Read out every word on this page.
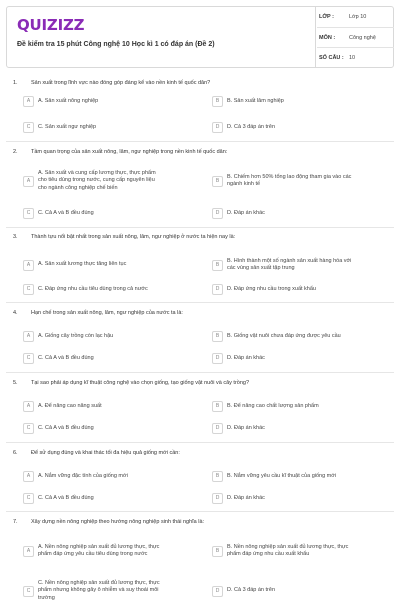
QUIZIZZ
Đề kiểm tra 15 phút Công nghệ 10 Học kì 1 có đáp án (Đề 2)
LỚP :	Lớp 10
MÔN :	Công nghệ
SỐ CÂU : 10
1. Sản xuất trong lĩnh vực nào đóng góp đáng kể vào nền kinh tế quốc dân?
A	A. Sản xuất nông nghiệp	B	B. Sản xuất lâm nghiệp
C	C. Sản xuất ngư nghiệp	D	D. Cả 3 đáp án trên
2. Tầm quan trọng của sản xuất nông, lâm, ngư nghiệp trong nền kinh tế quốc dân:
A
A. Sản xuất và cung cấp lương thực, thực phẩm
cho tiêu dùng trong nước, cung cấp nguyên liệu
cho ngành công nghiệp chế biến
B
B. Chiếm hơn 50% tổng lao động tham gia vào các
ngành kinh tế
C	C. Cả A và B đều đúng	D	D. Đáp án khác
3. Thành tựu nổi bật nhất trong sản xuất nông, lâm, ngư nghiệp ở nước ta hiện nay là:
A	A. Sản xuất lương thực tăng liên tục	B
B. Hình thành một số ngành sản xuất hàng hóa với
các vùng sản xuất tập trung
C	C. Đáp ứng nhu cầu tiêu dùng trong cả nước	D	D. Đáp ứng nhu cầu trong xuất khẩu
4. Hạn chế trong sản xuất nông, lâm, ngư nghiệp của nước ta là:
A	A. Giống cây trồng còn lạc hậu	B	B. Giống vật nuôi chưa đáp ứng được yêu cầu
C	C. Cả A và B đều đúng	D	D. Đáp án khác
5. Tại sao phải áp dụng kĩ thuật công nghệ vào chọn giống, tạo giống vật nuôi và cây trồng?
A	A. Để nâng cao năng suất	B	B. Để nâng cao chất lượng sản phẩm
C	C. Cả A và B đều đúng	D	D. Đáp án khác
6. Để sử dụng đúng và khai thác tối đa hiệu quả giống mới cần:
A	A. Nắm vững đặc tính của giống mới	B	B. Nắm vững yêu cầu kĩ thuật của giống mới
C	C. Cả A và B đều đúng	D	D. Đáp án khác
7. Xây dựng nền nông nghiệp theo hướng nông nghiệp sinh thái nghĩa là:
A
A. Nền nông nghiệp sản xuất đủ lương thực, thực
phẩm đáp ứng yêu cầu tiêu dùng trong nước
B
B. Nền nông nghiệp sản xuất đủ lương thực, thực
phẩm đáp ứng nhu cầu xuất khẩu
C
C. Nền nông nghiệp sản xuất đủ lương thực, thực
phẩm nhưng không gây ô nhiễm và suy thoái môi
trường
D	D. Cả 3 đáp án trên
